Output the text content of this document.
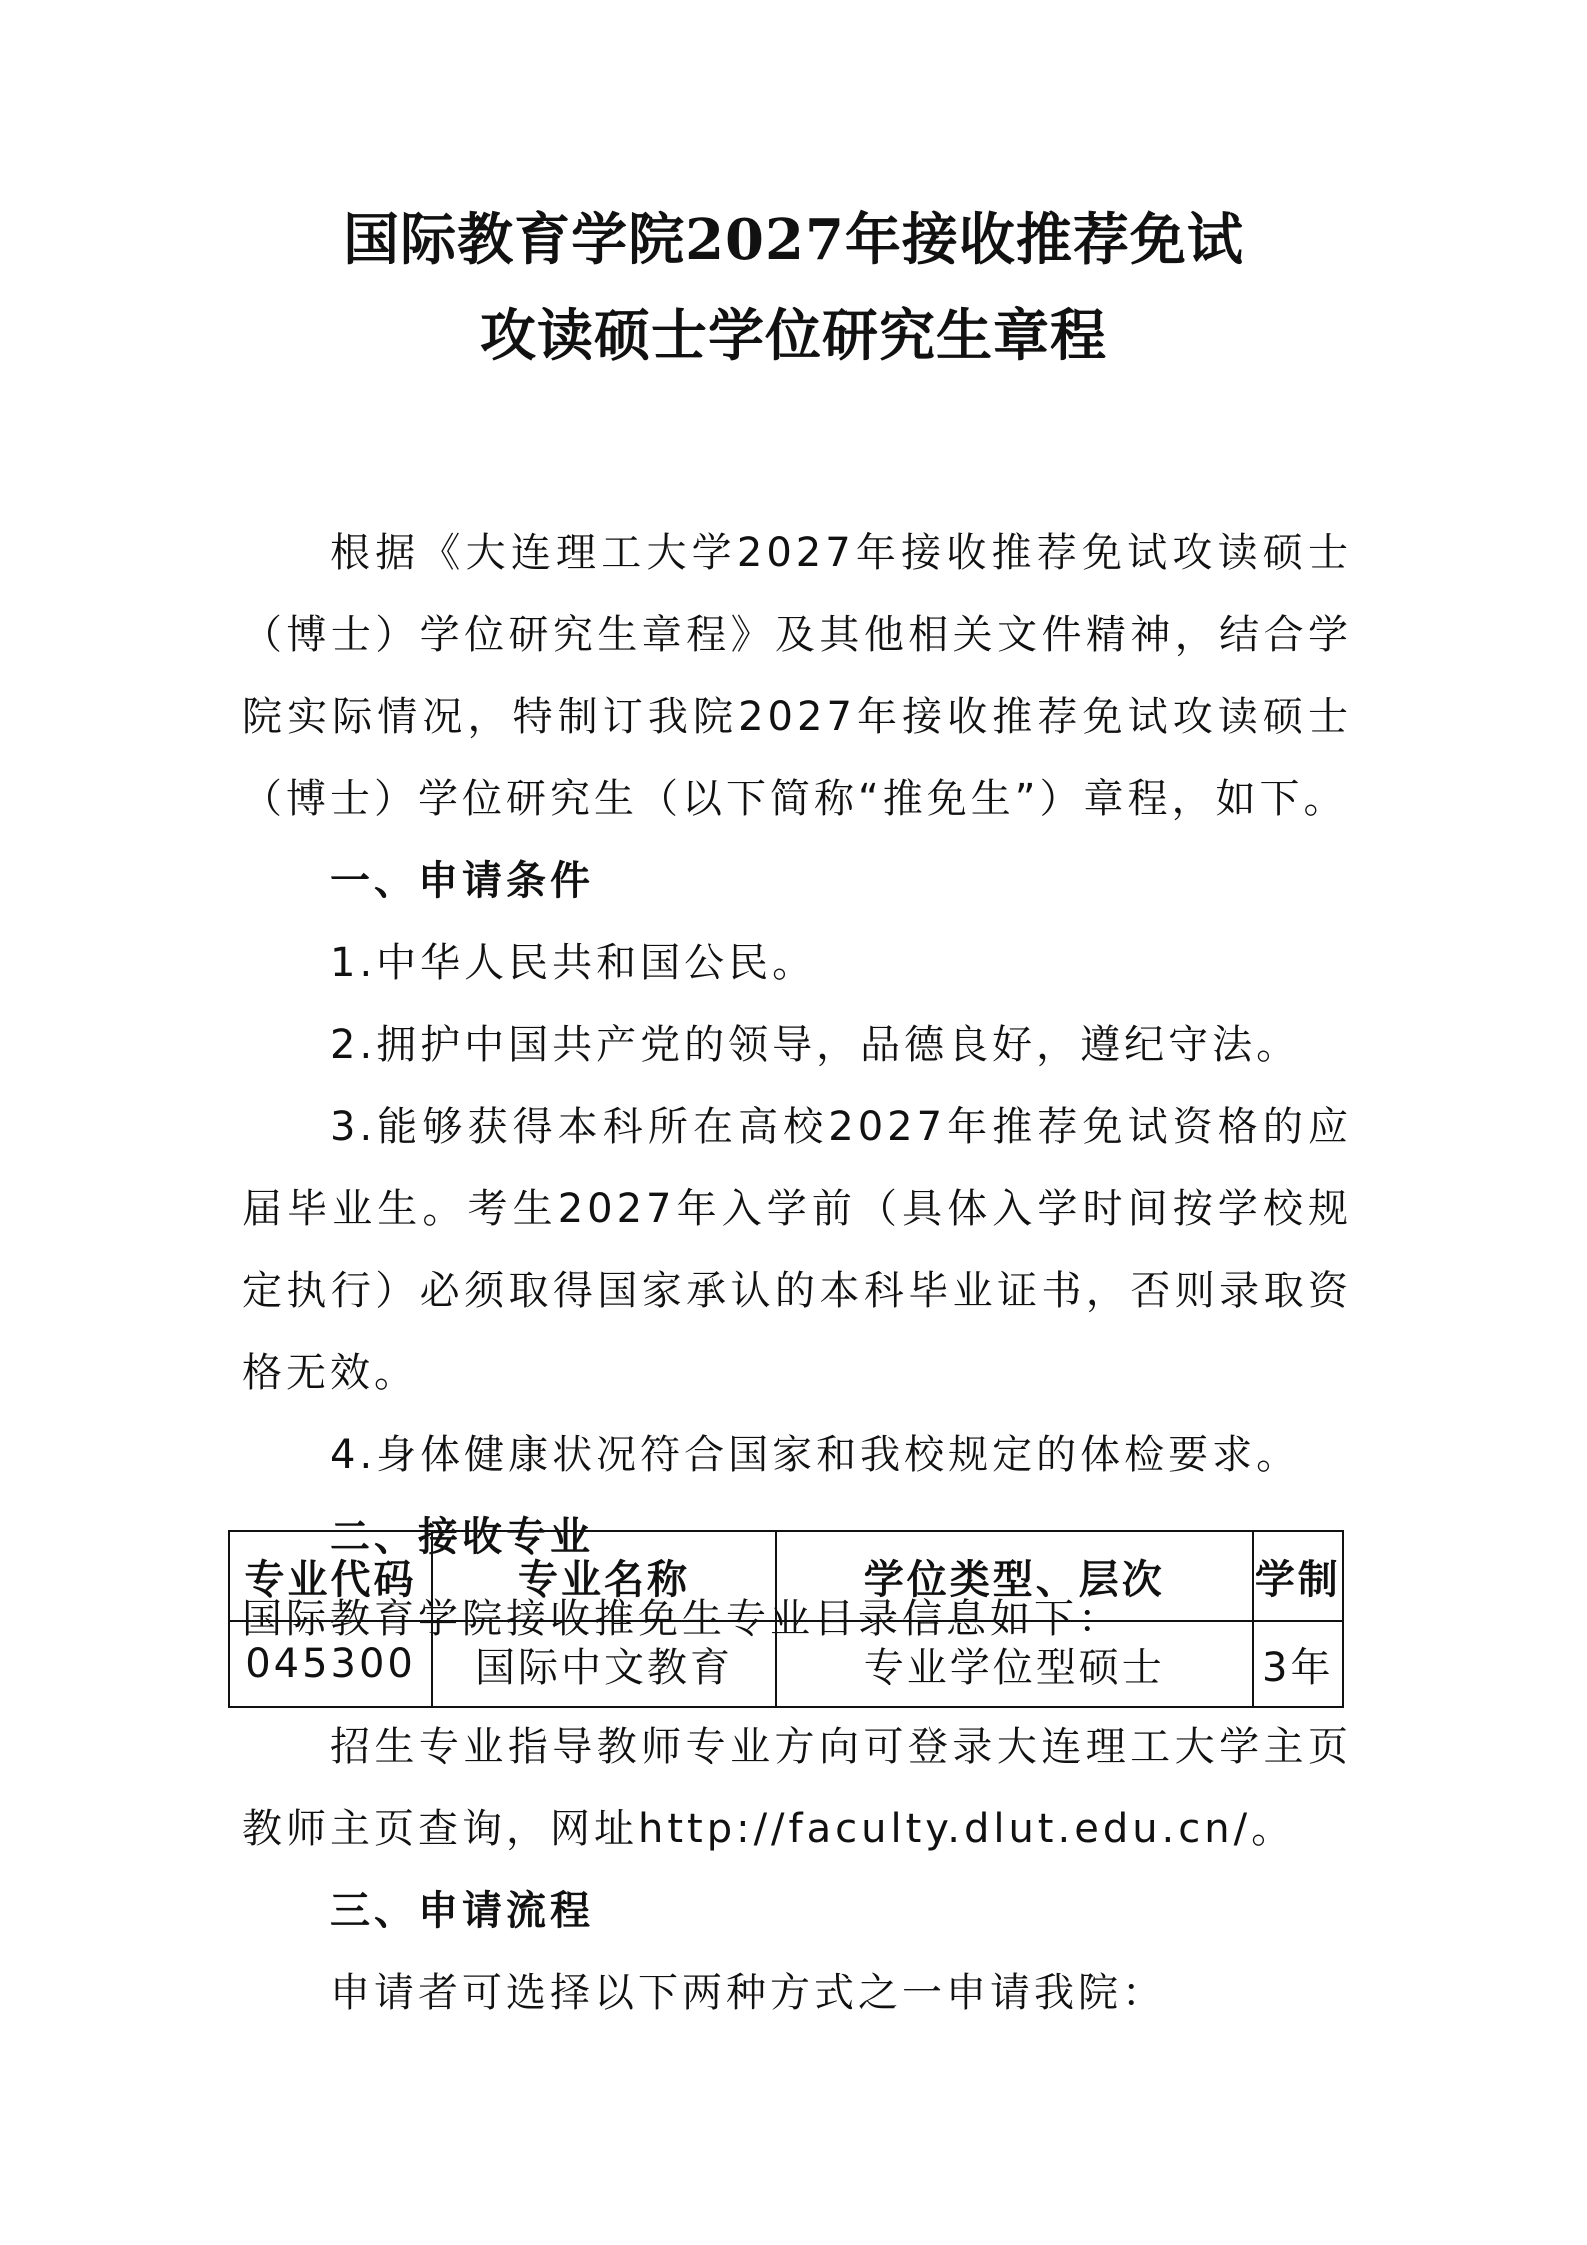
国际教育学院2027年接收推荐免试
攻读硕士学位研究生章程

根据《大连理工大学2027年接收推荐免试攻读硕士（博士）学位研究生章程》及其他相关文件精神，结合学院实际情况，特制订我院2027年接收推荐免试攻读硕士（博士）学位研究生（以下简称“推免生”）章程，如下。

一、申请条件

1.中华人民共和国公民。

2.拥护中国共产党的领导，品德良好，遵纪守法。

3.能够获得本科所在高校2027年推荐免试资格的应届毕业生。考生2027年入学前（具体入学时间按学校规定执行）必须取得国家承认的本科毕业证书，否则录取资格无效。

4.身体健康状况符合国家和我校规定的体检要求。

二、接收专业

国际教育学院接收推免生专业目录信息如下：

专业代码	专业名称	学位类型、层次	学制
045300	国际中文教育	专业学位型硕士	3年

招生专业指导教师专业方向可登录大连理工大学主页教师主页查询，网址http://faculty.dlut.edu.cn/。

三、申请流程

申请者可选择以下两种方式之一申请我院：
